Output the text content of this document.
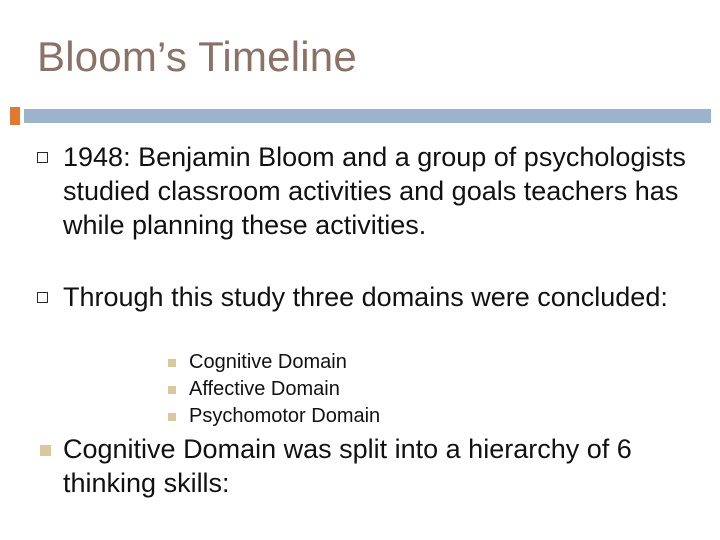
Bloom’s Timeline
1948: Benjamin Bloom and a group of psychologists studied classroom activities and goals teachers has while planning these activities.
Through this study three domains were concluded:
Cognitive Domain
Affective Domain
Psychomotor Domain
Cognitive Domain was split into a hierarchy of 6 thinking skills:
